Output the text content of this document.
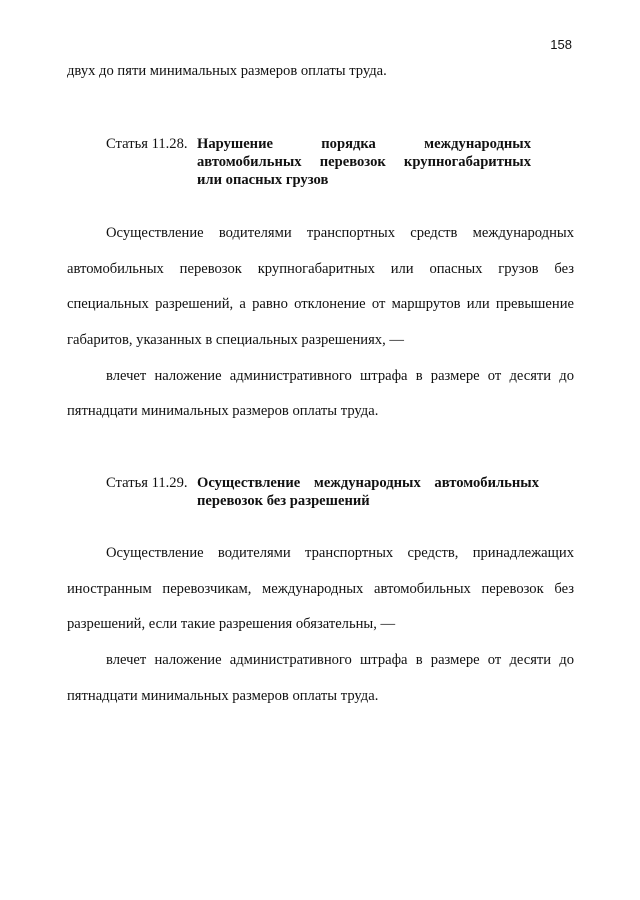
158
двух до пяти минимальных размеров оплаты труда.
Статья 11.28. Нарушение порядка международных
автомобильных перевозок крупногабаритных
или опасных грузов
Осуществление водителями транспортных средств международных
автомобильных перевозок крупногабаритных или опасных грузов без
специальных разрешений, а равно отклонение от маршрутов или превышение
габаритов, указанных в специальных разрешениях, —
влечет наложение административного штрафа в размере от десяти до
пятнадцати минимальных размеров оплаты труда.
Статья 11.29. Осуществление международных автомобильных
перевозок без разрешений
Осуществление водителями транспортных средств, принадлежащих
иностранным перевозчикам, международных автомобильных перевозок без
разрешений, если такие разрешения обязательны, —
влечет наложение административного штрафа в размере от десяти до
пятнадцати минимальных размеров оплаты труда.
